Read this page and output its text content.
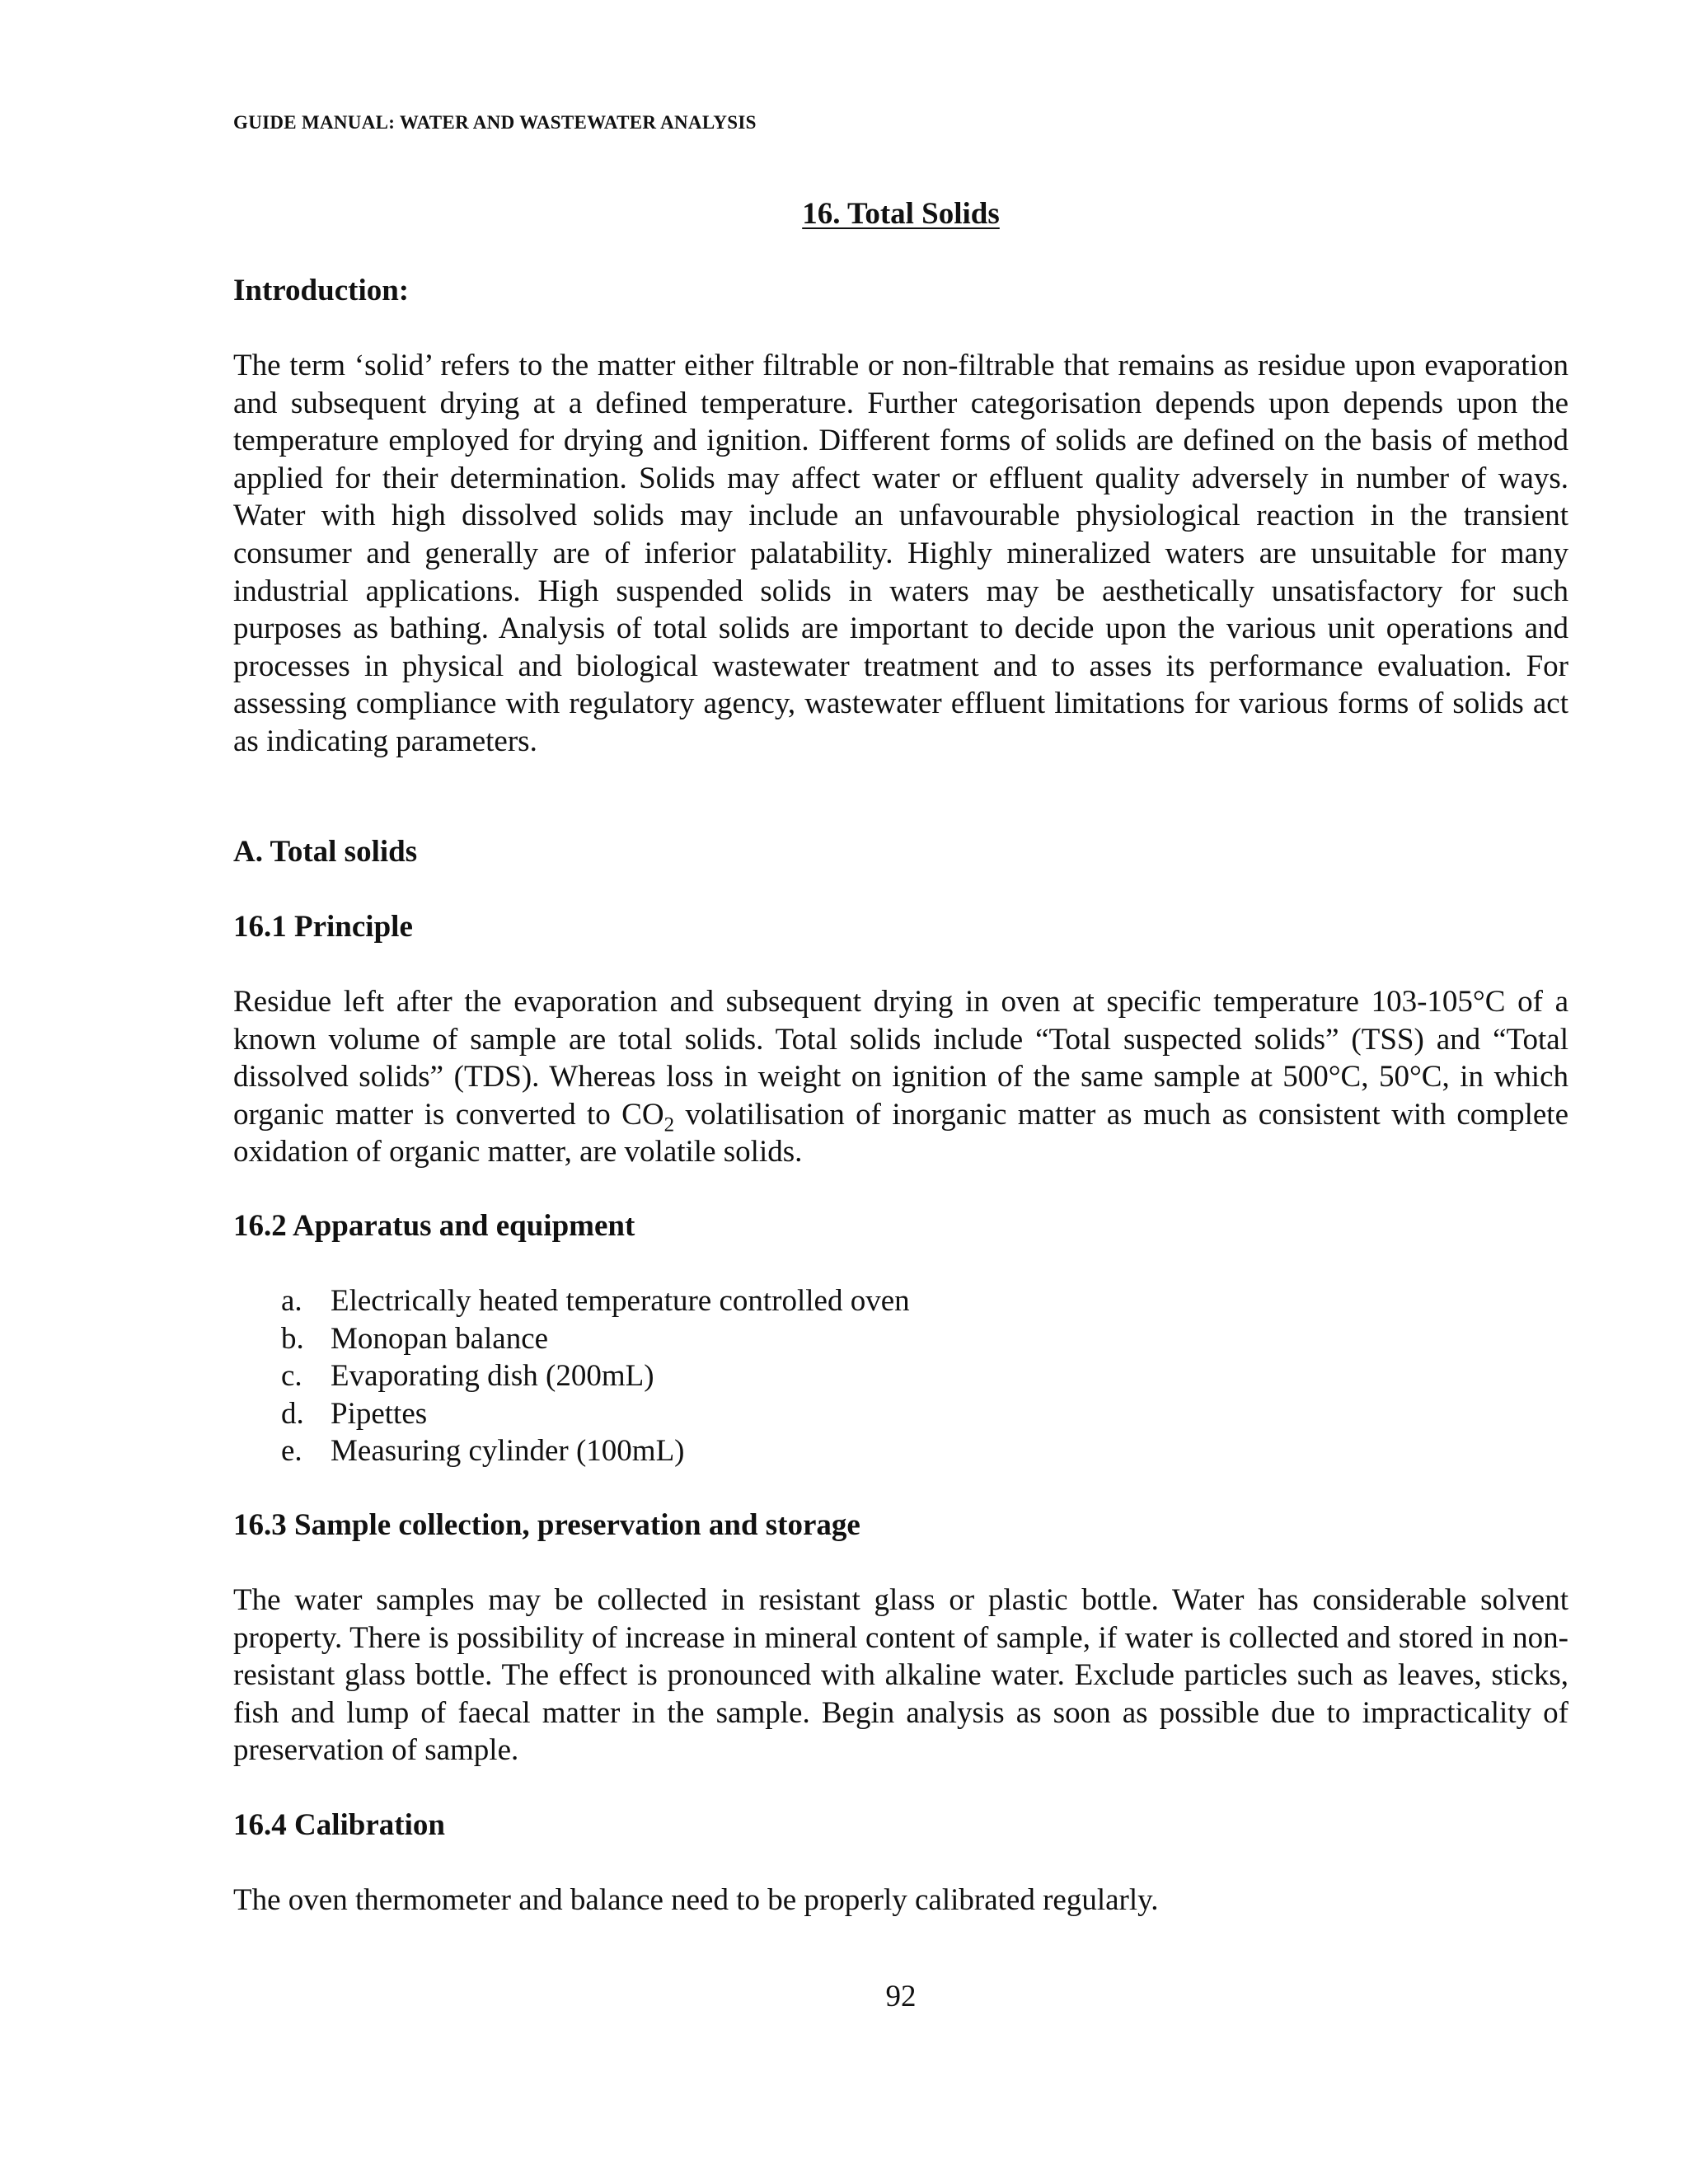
GUIDE MANUAL: WATER AND WASTEWATER ANALYSIS
16. Total Solids
Introduction:

The term ‘solid’ refers to the matter either filtrable or non-filtrable that remains as residue upon evaporation and subsequent drying at a defined temperature. Further categorisation depends upon depends upon the temperature employed for drying and ignition. Different forms of solids are defined on the basis of method applied for their determination. Solids may affect water or effluent quality adversely in number of ways. Water with high dissolved solids may include an unfavourable physiological reaction in the transient consumer and generally are of inferior palatability. Highly mineralized waters are unsuitable for many industrial applications. High suspended solids in waters may be aesthetically unsatisfactory for such purposes as bathing. Analysis of total solids are important to decide upon the various unit operations and processes in physical and biological wastewater treatment and to asses its performance evaluation. For assessing compliance with regulatory agency, wastewater effluent limitations for various forms of solids act as indicating parameters.

A. Total solids
16.1 Principle

Residue left after the evaporation and subsequent drying in oven at specific temperature 103-105°C of a known volume of sample are total solids. Total solids include “Total suspected solids” (TSS) and “Total dissolved solids” (TDS). Whereas loss in weight on ignition of the same sample at 500°C, 50°C, in which organic matter is converted to $CO_2$ volatilisation of inorganic matter as much as consistent with complete oxidation of organic matter, are volatile solids.

16.2 Apparatus and equipment
a. Electrically heated temperature controlled oven
b. Monopan balance
c. Evaporating dish (200mL)
d. Pipettes
e. Measuring cylinder (100mL)
16.3 Sample collection, preservation and storage

The water samples may be collected in resistant glass or plastic bottle. Water has considerable solvent property. There is possibility of increase in mineral content of sample, if water is collected and stored in non-resistant glass bottle. The effect is pronounced with alkaline water. Exclude particles such as leaves, sticks, fish and lump of faecal matter in the sample. Begin analysis as soon as possible due to impracticality of preservation of sample.

16.4 Calibration

The oven thermometer and balance need to be properly calibrated regularly.

92
